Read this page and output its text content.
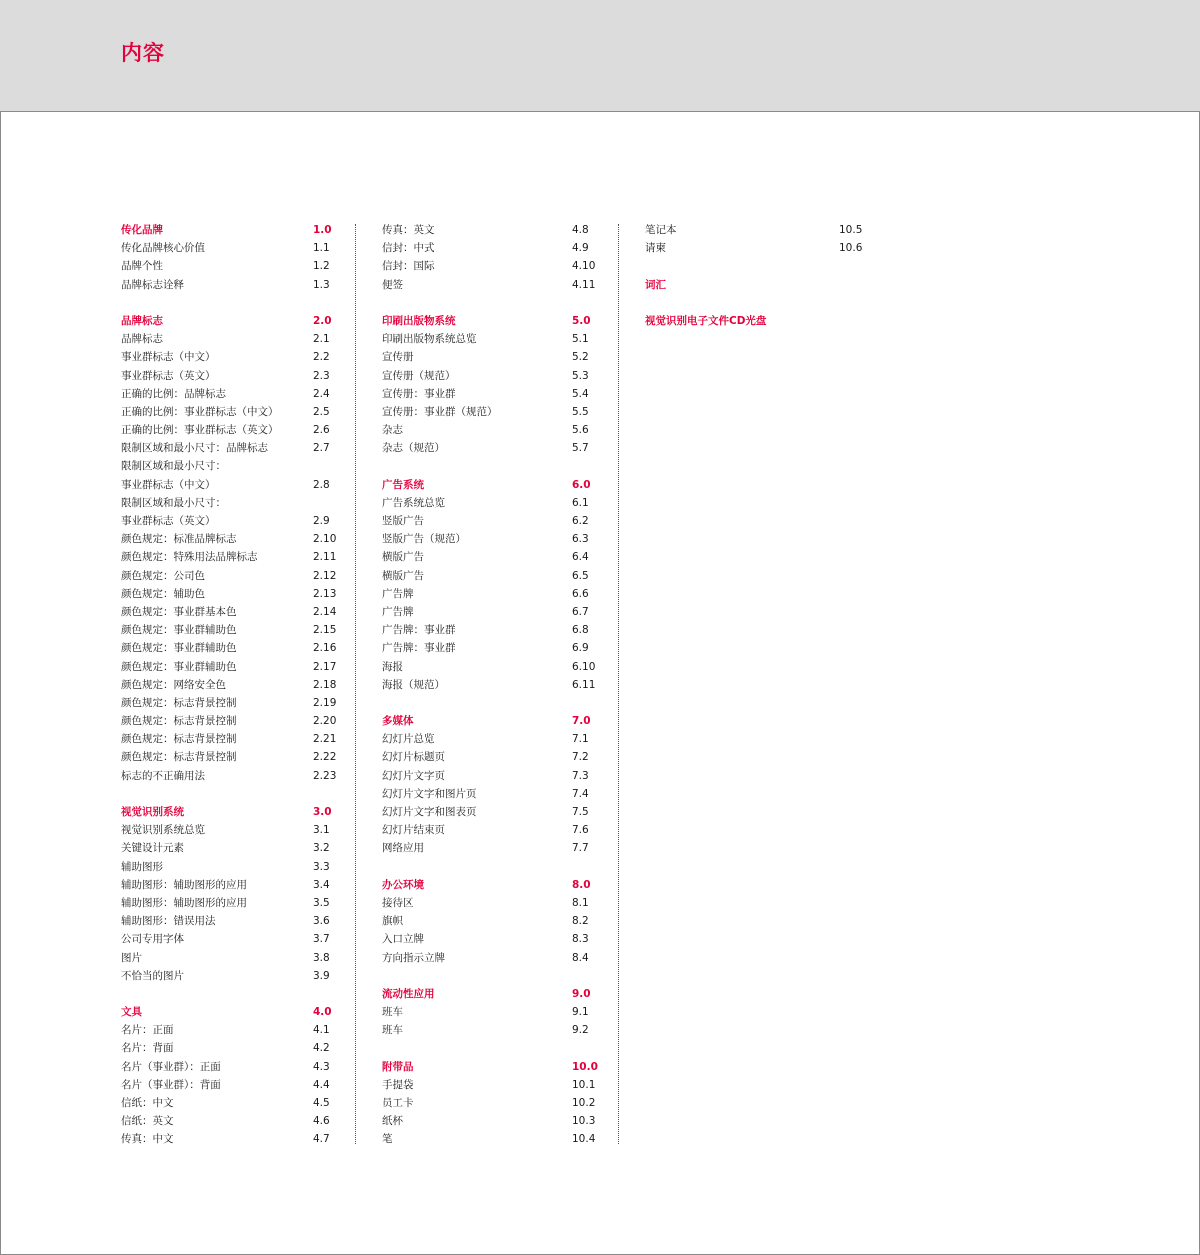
内容
传化品牌	1.0
传化品牌核心价值	1.1
品牌个性	1.2
品牌标志诠释	1.3
品牌标志	2.0
品牌标志	2.1
事业群标志（中文）	2.2
事业群标志（英文）	2.3
正确的比例：品牌标志	2.4
正确的比例：事业群标志（中文）	2.5
正确的比例：事业群标志（英文）	2.6
限制区域和最小尺寸：品牌标志	2.7
限制区域和最小尺寸：
事业群标志（中文）	2.8
限制区域和最小尺寸：
事业群标志（英文）	2.9
颜色规定：标准品牌标志	2.10
颜色规定：特殊用法品牌标志	2.11
颜色规定：公司色	2.12
颜色规定：辅助色	2.13
颜色规定：事业群基本色	2.14
颜色规定：事业群辅助色	2.15
颜色规定：事业群辅助色	2.16
颜色规定：事业群辅助色	2.17
颜色规定：网络安全色	2.18
颜色规定：标志背景控制	2.19
颜色规定：标志背景控制	2.20
颜色规定：标志背景控制	2.21
颜色规定：标志背景控制	2.22
标志的不正确用法	2.23
视觉识别系统	3.0
视觉识别系统总览	3.1
关键设计元素	3.2
辅助图形	3.3
辅助图形：辅助图形的应用	3.4
辅助图形：辅助图形的应用	3.5
辅助图形：错误用法	3.6
公司专用字体	3.7
图片	3.8
不恰当的图片	3.9
文具	4.0
名片：正面	4.1
名片：背面	4.2
名片（事业群）：正面	4.3
名片（事业群）：背面	4.4
信纸：中文	4.5
信纸：英文	4.6
传真：中文	4.7
传真：英文	4.8
信封：中式	4.9
信封：国际	4.10
便签	4.11
印刷出版物系统	5.0
印刷出版物系统总览	5.1
宣传册	5.2
宣传册（规范）	5.3
宣传册：事业群	5.4
宣传册：事业群（规范）	5.5
杂志	5.6
杂志（规范）	5.7
广告系统	6.0
广告系统总览	6.1
竖版广告	6.2
竖版广告（规范）	6.3
横版广告	6.4
横版广告	6.5
广告牌	6.6
广告牌	6.7
广告牌：事业群	6.8
广告牌：事业群	6.9
海报	6.10
海报（规范）	6.11
多媒体	7.0
幻灯片总览	7.1
幻灯片标题页	7.2
幻灯片文字页	7.3
幻灯片文字和图片页	7.4
幻灯片文字和图表页	7.5
幻灯片结束页	7.6
网络应用	7.7
办公环境	8.0
接待区	8.1
旗帜	8.2
入口立牌	8.3
方向指示立牌	8.4
流动性应用	9.0
班车	9.1
班车	9.2
附带品	10.0
手提袋	10.1
员工卡	10.2
纸杯	10.3
笔	10.4
笔记本	10.5
请柬	10.6
词汇
视觉识别电子文件CD光盘
